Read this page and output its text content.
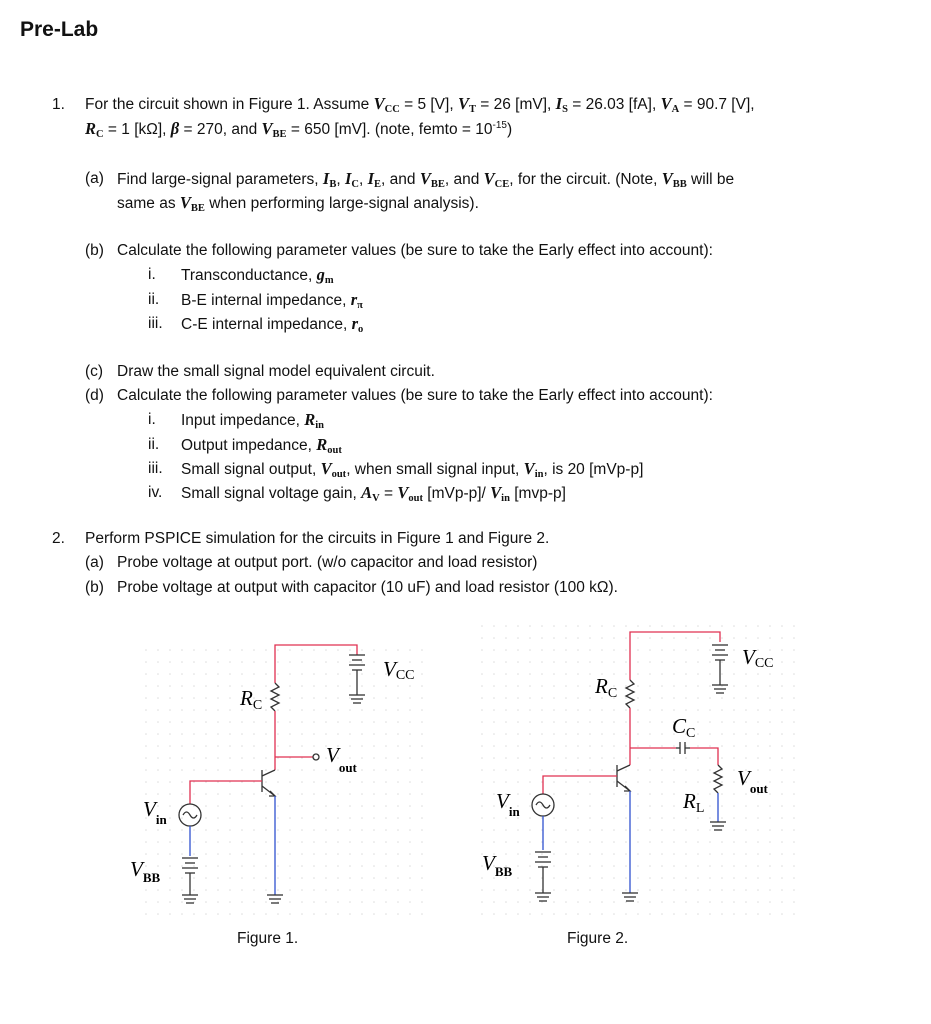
Pre-Lab
1. For the circuit shown in Figure 1. Assume $V_{CC} = 5$ [V], $V_T = 26$ [mV], $I_S = 26.03$ [fA], $V_A = 90.7$ [V],
$R_C = 1$ [kΩ], β = 270, and $V_{BE} = 650$ [mV]. (note, femto = $10^{-15}$)
(a) Find large-signal parameters, $I_B$, $I_C$, $I_E$, and $V_{BE}$, and $V_{CE}$, for the circuit. (Note, $V_{BB}$ will be
same as $V_{BE}$ when performing large-signal analysis).
(b) Calculate the following parameter values (be sure to take the Early effect into account):
i. Transconductance, $g_m$
ii. B-E internal impedance, $r_\pi$
iii. C-E internal impedance, $r_o$
(c) Draw the small signal model equivalent circuit.
(d) Calculate the following parameter values (be sure to take the Early effect into account):
i. Input impedance, $R_{in}$
ii. Output impedance, $R_{out}$
iii. Small signal output, $V_{out}$, when small signal input, $V_{in}$, is 20 [mVp-p]
iv. Small signal voltage gain, $A_V = V_{out}$ [mVp-p]/ $V_{in}$ [mvp-p]
2. Perform PSPICE simulation for the circuits in Figure 1 and Figure 2.
(a) Probe voltage at output port. (w/o capacitor and load resistor)
(b) Probe voltage at output with capacitor (10 uF) and load resistor (100 kΩ).
VCC
RC
$V_{out}$
$V_{in}$
$V_{BB}$
VCC
RC
CC
$V_{out}$
RL
$V_{in}$
$V_{BB}$
Figure 1.	Figure 2.
